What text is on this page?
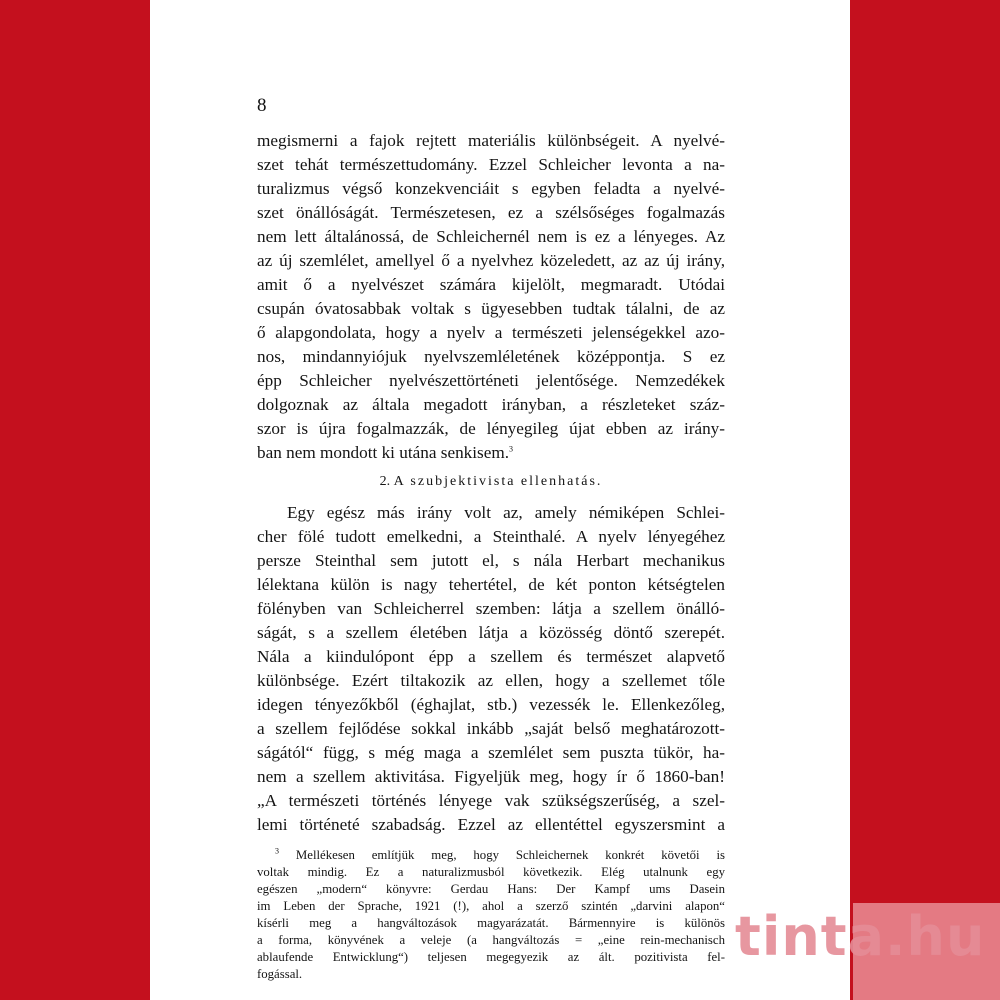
8
megismerni a fajok rejtett materiális különbségeit. A nyelvé-
szet tehát természettudomány. Ezzel Schleicher levonta a na-
turalizmus végső konzekvenciáit s egyben feladta a nyelvé-
szet önállóságát. Természetesen, ez a szélsőséges fogalmazás
nem lett általánossá, de Schleichernél nem is ez a lényeges. Az
az új szemlélet, amellyel ő a nyelvhez közeledett, az az új irány,
amit ő a nyelvészet számára kijelölt, megmaradt. Utódai
csupán óvatosabbak voltak s ügyesebben tudtak tálalni, de az
ő alapgondolata, hogy a nyelv a természeti jelenségekkel azo-
nos, mindannyiójuk nyelvszemléletének középpontja. S ez
épp Schleicher nyelvészettörténeti jelentősége. Nemzedékek
dolgoznak az általa megadott irányban, a részleteket száz-
szor is újra fogalmazzák, de lényegileg újat ebben az irány-
ban nem mondott ki utána senkisem.$^3$
2. A szubjektivista ellenhatás.
Egy egész más irány volt az, amely némiképen Schlei-
cher fölé tudott emelkedni, a Steinthalé. A nyelv lényegéhez
persze Steinthal sem jutott el, s nála Herbart mechanikus
lélektana külön is nagy tehertétel, de két ponton kétségtelen
fölényben van Schleicherrel szemben: látja a szellem önálló-
ságát, s a szellem életében látja a közösség döntő szerepét.
Nála a kiindulópont épp a szellem és természet alapvető
különbsége. Ezért tiltakozik az ellen, hogy a szellemet tőle
idegen tényezőkből (éghajlat, stb.) vezessék le. Ellenkezőleg,
a szellem fejlődése sokkal inkább „saját belső meghatározott-
ságától“ függ, s még maga a szemlélet sem puszta tükör, ha-
nem a szellem aktivitása. Figyeljük meg, hogy ír ő 1860-ban!
„A természeti történés lényege vak szükségszerűség, a szel-
lemi történeté szabadság. Ezzel az ellentéttel egyszersmint a
$^3$ Mellékesen említjük meg, hogy Schleichernek konkrét követői is
voltak mindig. Ez a naturalizmusból következik. Elég utalnunk egy
egészen „modern“ könyvre: Gerdau Hans: Der Kampf ums Dasein
im Leben der Sprache, 1921 (!), ahol a szerző szintén „darvini alapon“
kísérli meg a hangváltozások magyarázatát. Bármennyire is különös
a forma, könyvének a veleje (a hangváltozás = „eine rein-mechanisch
ablaufende Entwicklung“) teljesen megegyezik az ált. pozitivista fel-
fogással.
tinta.hu
